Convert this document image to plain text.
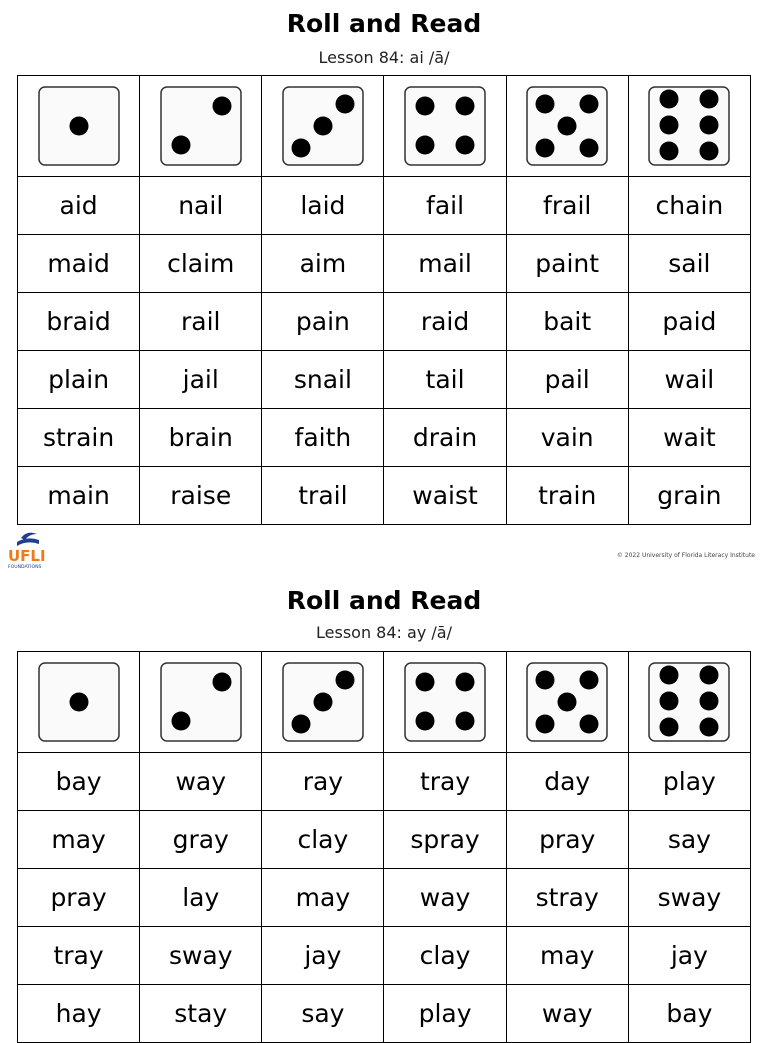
Roll and Read

Lesson 84: ai /ā/

aid	nail	laid	fail	frail	chain
maid	claim	aim	mail	paint	sail
braid	rail	pain	raid	bait	paid
plain	jail	snail	tail	pail	wail
strain	brain	faith	drain	vain	wait
main	raise	trail	waist	train	grain
UFLI
FOUNDATIONS
© 2022 University of Florida Literacy Institute
Roll and Read

Lesson 84: ay /ā/

bay	way	ray	tray	day	play
may	gray	clay	spray	pray	say
pray	lay	may	way	stray	sway
tray	sway	jay	clay	may	jay
hay	stay	say	play	way	bay
